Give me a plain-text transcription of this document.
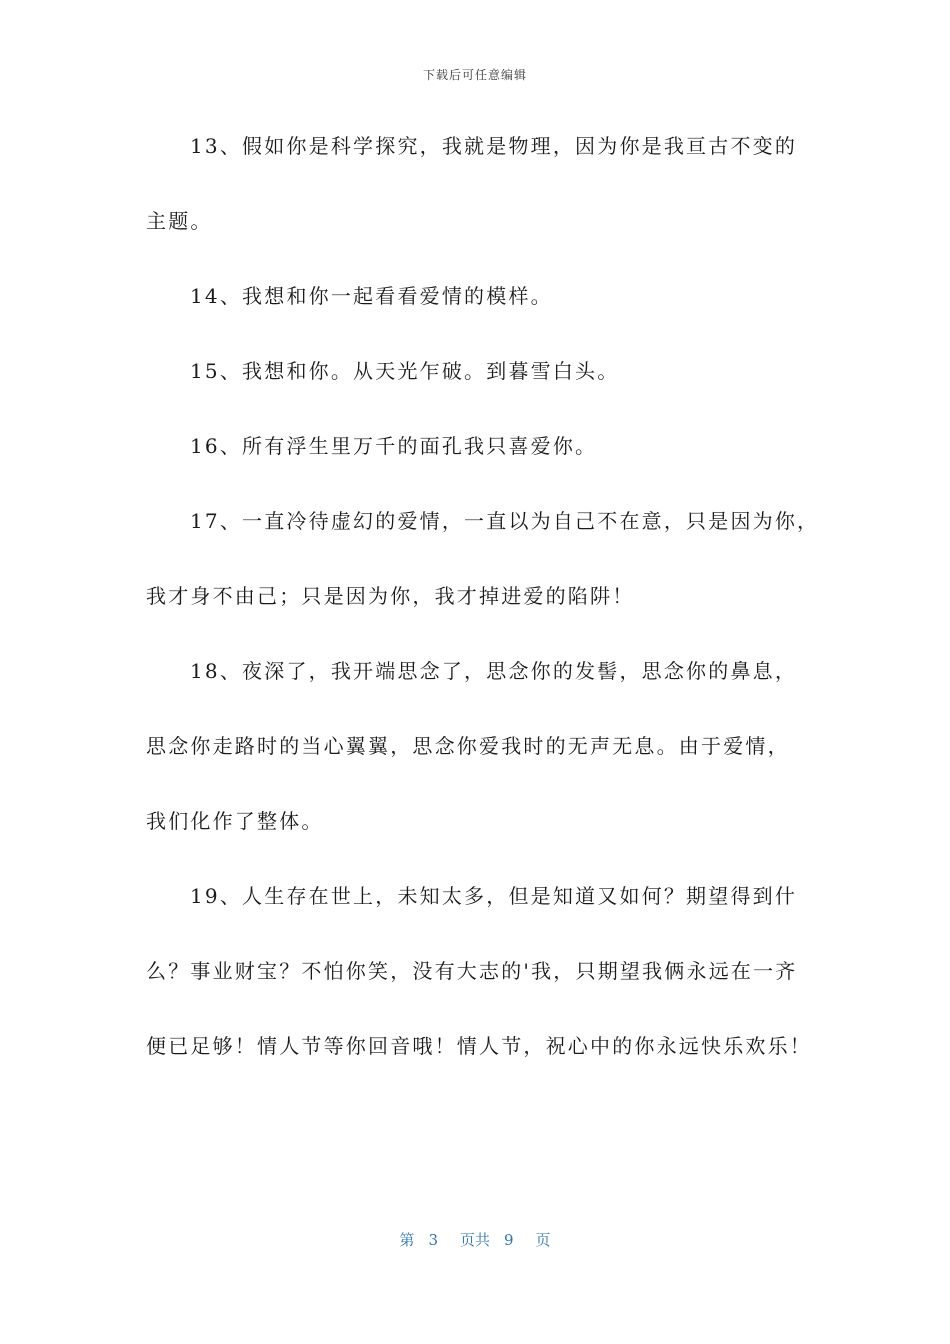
下载后可任意编辑
13、假如你是科学探究，我就是物理，因为你是我亘古不变的
主题。
14、我想和你一起看看爱情的模样。
15、我想和你。从天光乍破。到暮雪白头。
16、所有浮生里万千的面孔我只喜爱你。
17、一直冷待虚幻的爱情，一直以为自己不在意，只是因为你，
我才身不由己；只是因为你，我才掉进爱的陷阱！
18、夜深了，我开端思念了，思念你的发髻，思念你的鼻息，
思念你走路时的当心翼翼，思念你爱我时的无声无息。由于爱情，
我们化作了整体。
19、人生存在世上，未知太多，但是知道又如何？期望得到什
么？事业财宝？不怕你笑，没有大志的'我，只期望我俩永远在一齐
便已足够！情人节等你回音哦！情人节，祝心中的你永远快乐欢乐！
第 3 页共 9 页
